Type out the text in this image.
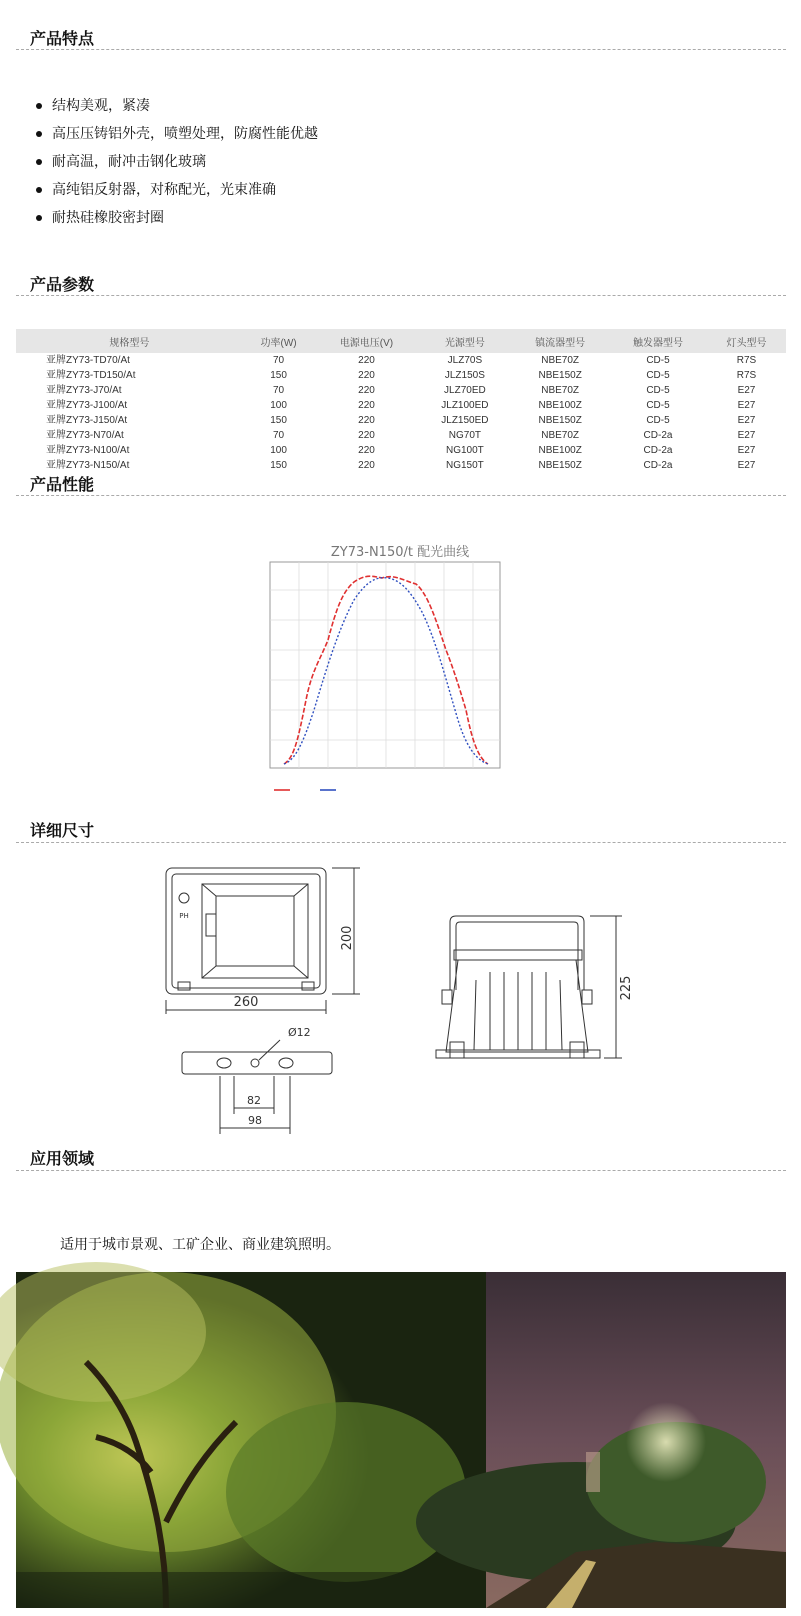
产品特点
结构美观，紧凑
高压压铸铝外壳，喷塑处理，防腐性能优越
耐高温，耐冲击钢化玻璃
高纯铝反射器，对称配光，光束准确
耐热硅橡胶密封圈
产品参数
规格型号	功率(W)	电源电压(V)	光源型号	镇流器型号	触发器型号	灯头型号
亚牌ZY73-TD70/At	70	220	JLZ70S	NBE70Z	CD-5	R7S
亚牌ZY73-TD150/At	150	220	JLZ150S	NBE150Z	CD-5	R7S
亚牌ZY73-J70/At	70	220	JLZ70ED	NBE70Z	CD-5	E27
亚牌ZY73-J100/At	100	220	JLZ100ED	NBE100Z	CD-5	E27
亚牌ZY73-J150/At	150	220	JLZ150ED	NBE150Z	CD-5	E27
亚牌ZY73-N70/At	70	220	NG70T	NBE70Z	CD-2a	E27
亚牌ZY73-N100/At	100	220	NG100T	NBE100Z	CD-2a	E27
亚牌ZY73-N150/At	150	220	NG150T	NBE150Z	CD-2a	E27
产品性能
ZY73-N150/t 配光曲线
详细尺寸
PH
200
260
Ø12
82
98
225
应用领域

适用于城市景观、工矿企业、商业建筑照明。
